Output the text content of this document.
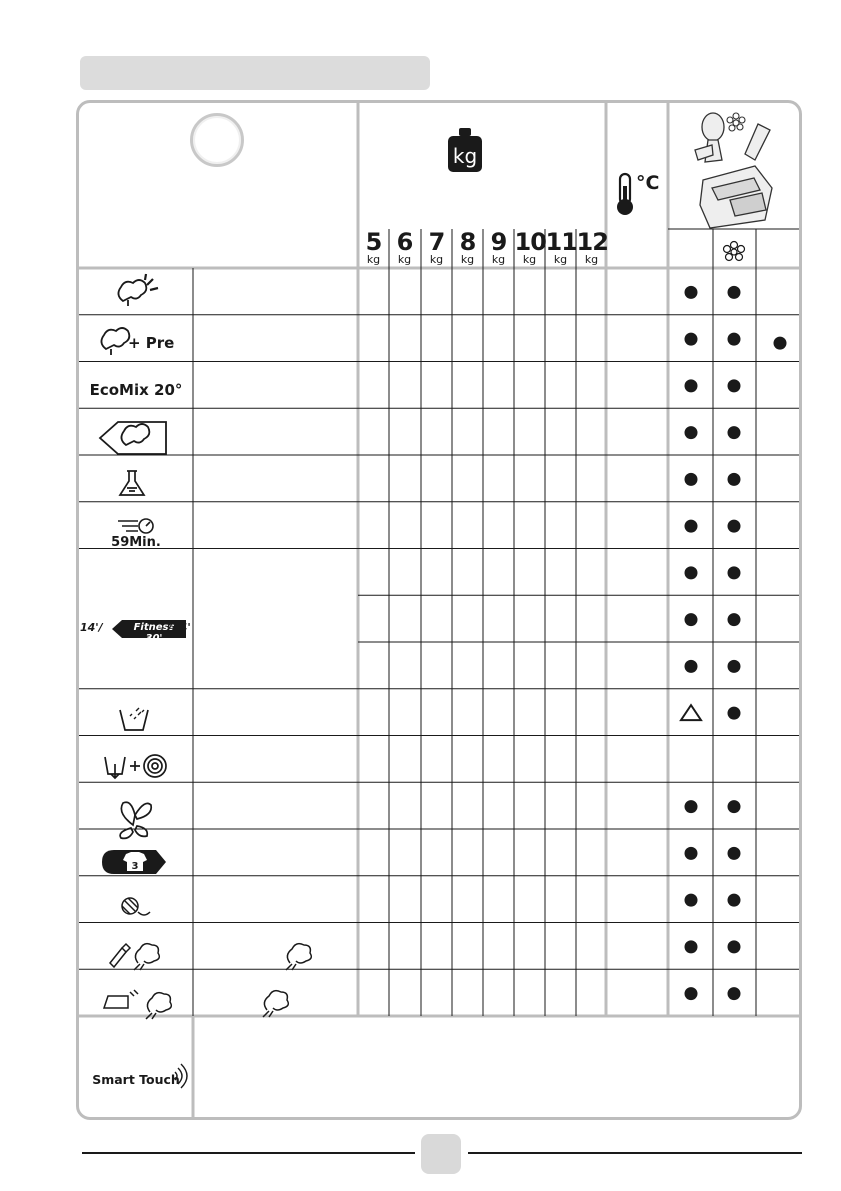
kg
°C
5
kg
6
kg
7
kg
8
kg
9
kg
10
kg
11
kg
12
kg
3
+ Pre
EcoMix 20°
59Min.
14'/	Fitness 30'
/44'
Smart Touch
